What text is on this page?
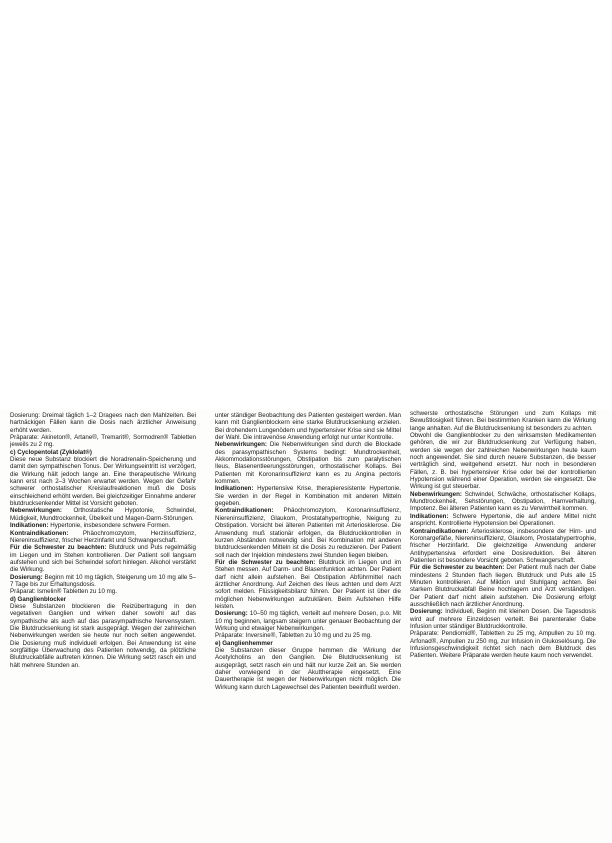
Dosierung: Dreimal täglich 1–2 Dragees nach den Mahlzeiten. Bei hartnäckigen Fällen kann die Dosis nach ärztlicher Anweisung erhöht werden.

Präparate: Akineton®, Artane®, Tremarit®, Sormodren® Tabletten jeweils zu 2 mg.

c) Cyclopentolat (Zyklolat®)

Diese neue Substanz blockiert die Noradrenalin-Speicherung und damit den sympathischen Tonus. Der Wirkungseintritt ist verzögert, die Wirkung hält jedoch lange an. Eine therapeutische Wirkung kann erst nach 2–3 Wochen erwartet werden. Wegen der Gefahr schwerer orthostatischer Kreislaufreaktionen muß die Dosis einschleichend erhöht werden. Bei gleichzeitiger Einnahme anderer blutdrucksenkender Mittel ist Vorsicht geboten.

Nebenwirkungen: Orthostatische Hypotonie, Schwindel, Müdigkeit, Mundtrockenheit, Übelkeit und Magen-Darm-Störungen.

Indikationen: Hypertonie, insbesondere schwere Formen.

Kontraindikationen: Phäochromozytom, Herzinsuffizienz, Niereninsuffizienz, frischer Herzinfarkt und Schwangerschaft.

Für die Schwester zu beachten: Blutdruck und Puls regelmäßig im Liegen und im Stehen kontrollieren. Der Patient soll langsam aufstehen und sich bei Schwindel sofort hinlegen. Alkohol verstärkt die Wirkung.

Dosierung: Beginn mit 10 mg täglich, Steigerung um 10 mg alle 5–7 Tage bis zur Erhaltungsdosis.

Präparat: Ismelin® Tabletten zu 10 mg.

d) Ganglienblocker

Diese Substanzen blockieren die Reizübertragung in den vegetativen Ganglien und wirken daher sowohl auf das sympathische als auch auf das parasympathische Nervensystem. Die Blutdrucksenkung ist stark ausgeprägt. Wegen der zahlreichen Nebenwirkungen werden sie heute nur noch selten angewendet. Die Dosierung muß individuell erfolgen. Bei Anwendung ist eine sorgfältige Überwachung des Patienten notwendig, da plötzliche Blutdruckabfälle auftreten können. Die Wirkung setzt rasch ein und hält mehrere Stunden an.

unter ständiger Beobachtung des Patienten gesteigert werden. Man kann mit Ganglienblockern eine starke Blutdrucksenkung erzielen. Bei drohendem Lungenödem und hypertensiver Krise sind sie Mittel der Wahl. Die intravenöse Anwendung erfolgt nur unter Kontrolle.

Nebenwirkungen: Die Nebenwirkungen sind durch die Blockade des parasympathischen Systems bedingt: Mundtrockenheit, Akkommodationsstörungen, Obstipation bis zum paralytischen Ileus, Blasenentleerungsstörungen, orthostatischer Kollaps. Bei Patienten mit Koronarinsuffizienz kann es zu Angina pectoris kommen.

Indikationen: Hypertensive Krise, therapieresistente Hypertonie. Sie werden in der Regel in Kombination mit anderen Mitteln gegeben.

Kontraindikationen: Phäochromozytom, Koronarinsuffizienz, Niereninsuffizienz, Glaukom, Prostatahypertrophie, Neigung zu Obstipation. Vorsicht bei älteren Patienten mit Arteriosklerose. Die Anwendung muß stationär erfolgen, da Blutdruckkontrollen in kurzen Abständen notwendig sind. Bei Kombination mit anderen blutdrucksenkenden Mitteln ist die Dosis zu reduzieren. Der Patient soll nach der Injektion mindestens zwei Stunden liegen bleiben.

Für die Schwester zu beachten: Blutdruck im Liegen und im Stehen messen. Auf Darm- und Blasenfunktion achten. Der Patient darf nicht allein aufstehen. Bei Obstipation Abführmittel nach ärztlicher Anordnung. Auf Zeichen des Ileus achten und dem Arzt sofort melden. Flüssigkeitsbilanz führen. Der Patient ist über die möglichen Nebenwirkungen aufzuklären. Beim Aufstehen Hilfe leisten.

Dosierung: 10–50 mg täglich, verteilt auf mehrere Dosen, p.o. Mit 10 mg beginnen, langsam steigern unter genauer Beobachtung der Wirkung und etwaiger Nebenwirkungen.

Präparate: Inversine®, Tabletten zu 10 mg und zu 25 mg.

e) Ganglienhemmer

Die Substanzen dieser Gruppe hemmen die Wirkung der Acetylcholins an den Ganglien. Die Blutdrucksenkung ist ausgeprägt, setzt rasch ein und hält nur kurze Zeit an. Sie werden daher vorwiegend in der Akuttherapie eingesetzt. Eine Dauertherapie ist wegen der Nebenwirkungen nicht möglich. Die Wirkung kann durch Lagewechsel des Patienten beeinflußt werden.

schwerste orthostatische Störungen und zum Kollaps mit Bewußtlosigkeit führen. Bei bestimmten Kranken kann die Wirkung lange anhalten. Auf die Blutdrucksenkung ist besonders zu achten.

Obwohl die Ganglienblocker zu den wirksamsten Medikamenten gehören, die wir zur Blutdrucksenkung zur Verfügung haben, werden sie wegen der zahlreichen Nebenwirkungen heute kaum noch angewendet. Sie sind durch neuere Substanzen, die besser verträglich sind, weitgehend ersetzt. Nur noch in besonderen Fällen, z. B. bei hypertensiver Krise oder bei der kontrollierten Hypotension während einer Operation, werden sie eingesetzt. Die Wirkung ist gut steuerbar.

Nebenwirkungen: Schwindel, Schwäche, orthostatischer Kollaps, Mundtrockenheit, Sehstörungen, Obstipation, Harnverhaltung, Impotenz. Bei älteren Patienten kann es zu Verwirrtheit kommen.

Indikationen: Schwere Hypertonie, die auf andere Mittel nicht anspricht. Kontrollierte Hypotension bei Operationen.

Kontraindikationen: Arteriosklerose, insbesondere der Hirn- und Koronargefäße, Niereninsuffizienz, Glaukom, Prostatahypertrophie, frischer Herzinfarkt. Die gleichzeitige Anwendung anderer Antihypertensiva erfordert eine Dosisreduktion. Bei älteren Patienten ist besondere Vorsicht geboten. Schwangerschaft.

Für die Schwester zu beachten: Der Patient muß nach der Gabe mindestens 2 Stunden flach liegen. Blutdruck und Puls alle 15 Minuten kontrollieren. Auf Miktion und Stuhlgang achten. Bei starkem Blutdruckabfall Beine hochlagern und Arzt verständigen. Der Patient darf nicht allein aufstehen. Die Dosierung erfolgt ausschließlich nach ärztlicher Anordnung.

Dosierung: Individuell, Beginn mit kleinen Dosen. Die Tagesdosis wird auf mehrere Einzeldosen verteilt. Bei parenteraler Gabe Infusion unter ständiger Blutdruckkontrolle.

Präparate: Pendiomid®, Tabletten zu 25 mg, Ampullen zu 10 mg. Arfonad®, Ampullen zu 250 mg, zur Infusion in Glukoselösung. Die Infusionsgeschwindigkeit richtet sich nach dem Blutdruck des Patienten. Weitere Präparate werden heute kaum noch verwendet.
